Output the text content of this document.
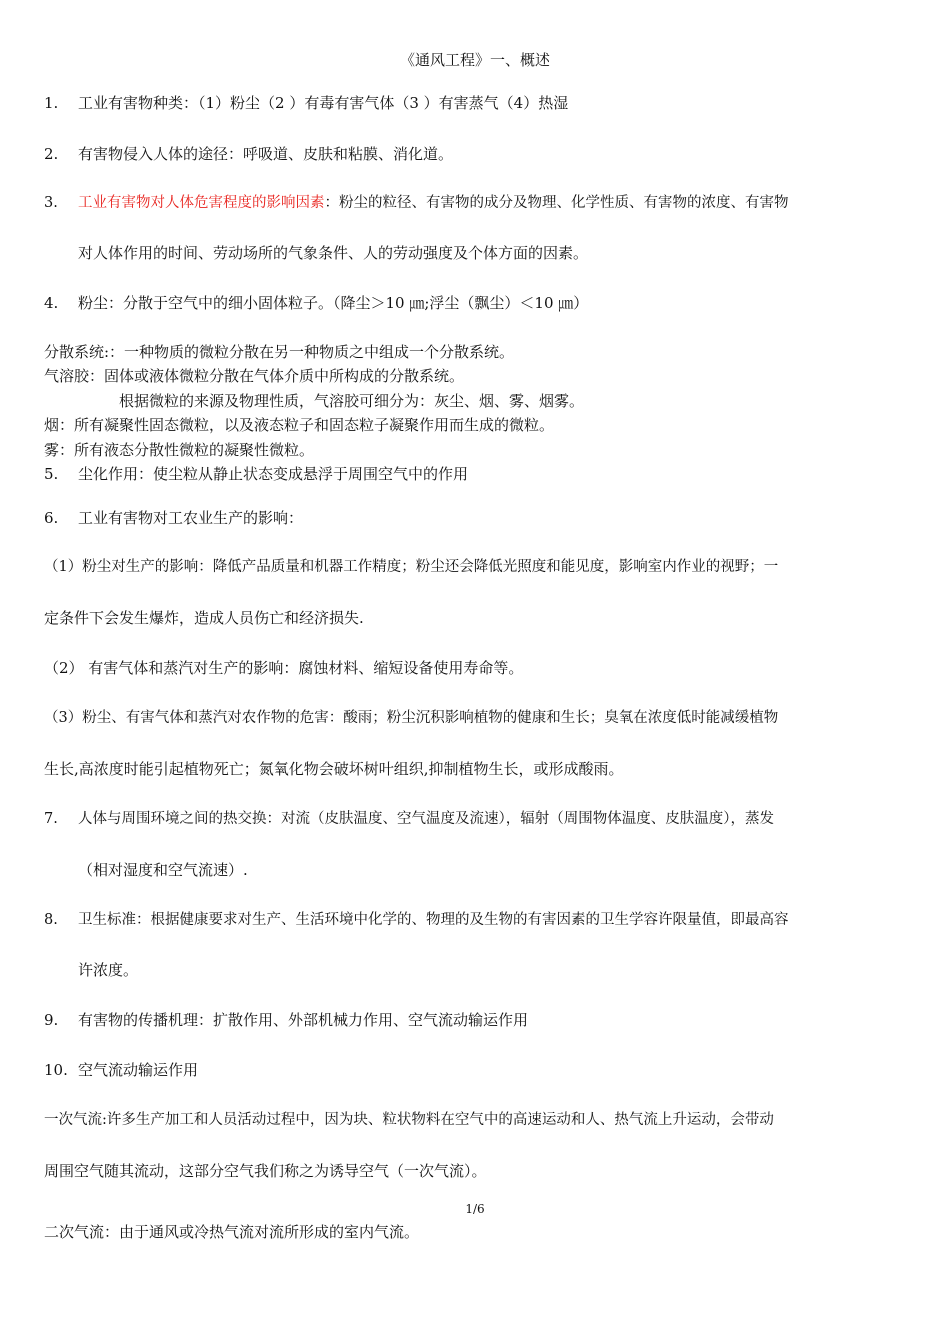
《通风工程》一、概述
1. 工业有害物种类：（1）粉尘（2 ）有毒有害气体（3 ）有害蒸气（4）热湿
2. 有害物侵入人体的途径：呼吸道、皮肤和粘膜、消化道。
3. 工业有害物对人体危害程度的影响因素：粉尘的粒径、有害物的成分及物理、化学性质、有害物的浓度、有害物
对人体作用的时间、劳动场所的气象条件、人的劳动强度及个体方面的因素。
4. 粉尘：分散于空气中的细小固体粒子。（降尘＞10 ㎛;浮尘（飘尘）＜10 ㎛）
分散系统:：一种物质的微粒分散在另一种物质之中组成一个分散系统。
气溶胶：固体或液体微粒分散在气体介质中所构成的分散系统。
根据微粒的来源及物理性质，气溶胶可细分为：灰尘、烟、雾、烟雾。
烟：所有凝聚性固态微粒，以及液态粒子和固态粒子凝聚作用而生成的微粒。
雾：所有液态分散性微粒的凝聚性微粒。
5. 尘化作用：使尘粒从静止状态变成悬浮于周围空气中的作用
6. 工业有害物对工农业生产的影响：
（1）粉尘对生产的影响：降低产品质量和机器工作精度；粉尘还会降低光照度和能见度，影响室内作业的视野；一
定条件下会发生爆炸，造成人员伤亡和经济损失.
（2） 有害气体和蒸汽对生产的影响：腐蚀材料、缩短设备使用寿命等。
（3）粉尘、有害气体和蒸汽对农作物的危害：酸雨；粉尘沉积影响植物的健康和生长；臭氧在浓度低时能减缓植物
生长,高浓度时能引起植物死亡；氮氧化物会破坏树叶组织,抑制植物生长，或形成酸雨。
7. 人体与周围环境之间的热交换：对流（皮肤温度、空气温度及流速），辐射（周围物体温度、皮肤温度），蒸发
（相对湿度和空气流速）.
8. 卫生标准：根据健康要求对生产、生活环境中化学的、物理的及生物的有害因素的卫生学容许限量值，即最高容
许浓度。
9. 有害物的传播机理：扩散作用、外部机械力作用、空气流动输运作用
10. 空气流动输运作用
一次气流:许多生产加工和人员活动过程中，因为块、粒状物料在空气中的高速运动和人、热气流上升运动，会带动
周围空气随其流动，这部分空气我们称之为诱导空气（一次气流）。
1/6
二次气流：由于通风或冷热气流对流所形成的室内气流。
